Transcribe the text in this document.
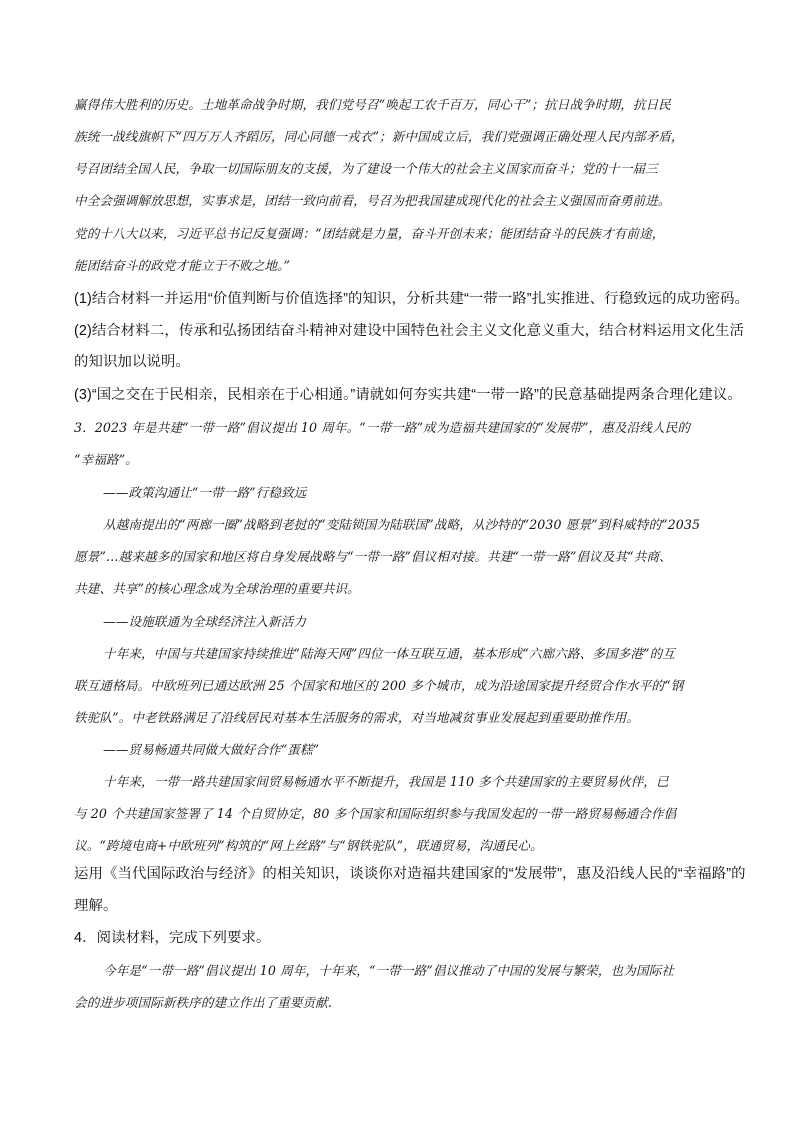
赢得伟大胜利的历史。土地革命战争时期，我们党号召“唤起工农千百万，同心干”；抗日战争时期，抗日民
族统一战线旗帜下“四万万人齐蹈厉，同心同德一戎衣”；新中国成立后，我们党强调正确处理人民内部矛盾，
号召团结全国人民，争取一切国际朋友的支援，为了建设一个伟大的社会主义国家而奋斗；党的十一届三
中全会强调解放思想，实事求是，团结一致向前看，号召为把我国建成现代化的社会主义强国而奋勇前进。
党的十八大以来，习近平总书记反复强调：“团结就是力量，奋斗开创未来；能团结奋斗的民族才有前途，
能团结奋斗的政党才能立于不败之地。”
(1)结合材料一并运用“价值判断与价值选择”的知识，分析共建“一带一路”扎实推进、行稳致远的成功密码。
(2)结合材料二，传承和弘扬团结奋斗精神对建设中国特色社会主义文化意义重大，结合材料运用文化生活
的知识加以说明。
(3)“国之交在于民相亲，民相亲在于心相通。”请就如何夯实共建“一带一路”的民意基础提两条合理化建议。
3．2023 年是共建“一带一路”倡议提出 10 周年。“一带一路”成为造福共建国家的“发展带”，惠及沿线人民的
“幸福路”。
——政策沟通让“一带一路”行稳致远
从越南提出的“两廊一圈”战略到老挝的“变陆锁国为陆联国”战略，从沙特的“2030 愿景”到科威特的“2035
愿景”…越来越多的国家和地区将自身发展战略与“一带一路”倡议相对接。共建“一带一路”倡议及其“共商、
共建、共享”的核心理念成为全球治理的重要共识。
——设施联通为全球经济注入新活力
十年来，中国与共建国家持续推进“陆海天网”四位一体互联互通，基本形成“六廊六路、多国多港”的互
联互通格局。中欧班列已通达欧洲 25 个国家和地区的 200 多个城市，成为沿途国家提升经贸合作水平的“钢
铁驼队”。中老铁路满足了沿线居民对基本生活服务的需求，对当地减贫事业发展起到重要助推作用。
——贸易畅通共同做大做好合作“蛋糕”
十年来，一带一路共建国家间贸易畅通水平不断提升，我国是 110 多个共建国家的主要贸易伙伴，已
与 20 个共建国家签署了 14 个自贸协定，80 多个国家和国际组织参与我国发起的一带一路贸易畅通合作倡
议。“跨境电商+中欧班列”构筑的“网上丝路”与“钢铁驼队”，联通贸易，沟通民心。
运用《当代国际政治与经济》的相关知识，谈谈你对造福共建国家的“发展带”，惠及沿线人民的“幸福路”的
理解。
4．阅读材料，完成下列要求。
今年是“一带一路”倡议提出 10 周年，十年来，“一带一路”倡议推动了中国的发展与繁荣，也为国际社
会的进步项国际新秩序的建立作出了重要贡献.
